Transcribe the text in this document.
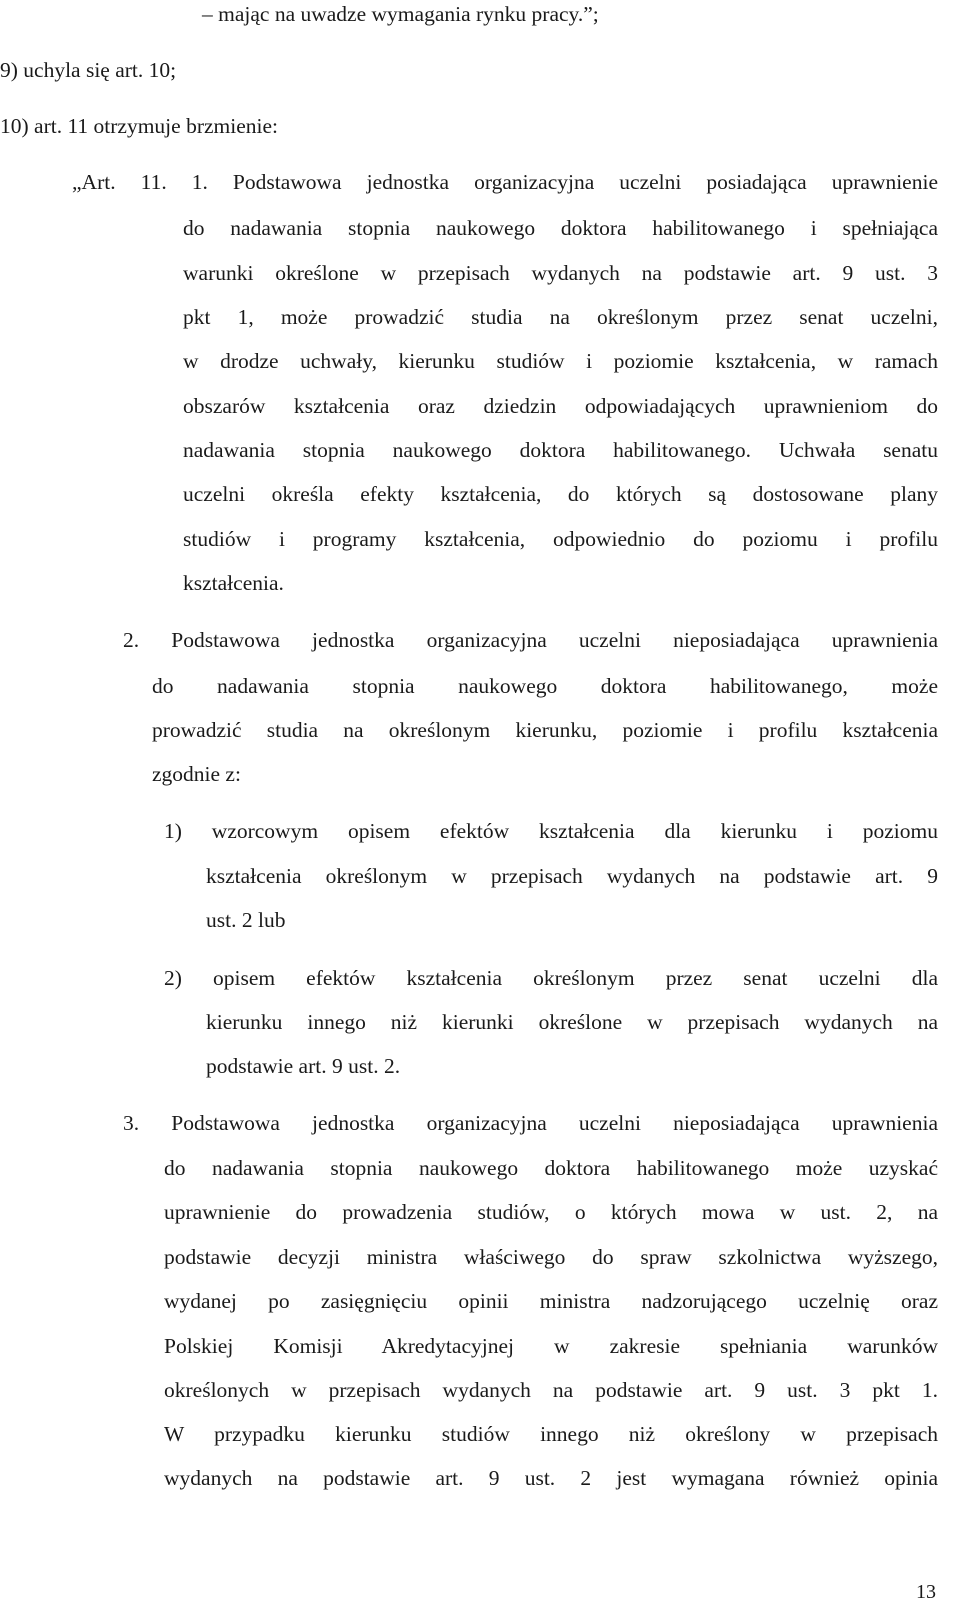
– mając na uwadze wymagania rynku pracy.”;
9) uchyla się art. 10;
10) art. 11 otrzymuje brzmienie:
„Art. 11. 1. Podstawowa jednostka organizacyjna uczelni posiadająca uprawnienie
do nadawania stopnia naukowego doktora habilitowanego i spełniająca
warunki określone w przepisach wydanych na podstawie art. 9 ust. 3
pkt 1, może prowadzić studia na określonym przez senat uczelni,
w drodze uchwały, kierunku studiów i poziomie kształcenia, w ramach
obszarów kształcenia oraz dziedzin odpowiadających uprawnieniom do
nadawania stopnia naukowego doktora habilitowanego. Uchwała senatu
uczelni określa efekty kształcenia, do których są dostosowane plany
studiów i programy kształcenia, odpowiednio do poziomu i profilu
kształcenia.
2. Podstawowa jednostka organizacyjna uczelni nieposiadająca uprawnienia
do nadawania stopnia naukowego doktora habilitowanego, może
prowadzić studia na określonym kierunku, poziomie i profilu kształcenia
zgodnie z:
1) wzorcowym opisem efektów kształcenia dla kierunku i poziomu
kształcenia określonym w przepisach wydanych na podstawie art. 9
ust. 2 lub
2) opisem efektów kształcenia określonym przez senat uczelni dla
kierunku innego niż kierunki określone w przepisach wydanych na
podstawie art. 9 ust. 2.
3. Podstawowa jednostka organizacyjna uczelni nieposiadająca uprawnienia
do nadawania stopnia naukowego doktora habilitowanego może uzyskać
uprawnienie do prowadzenia studiów, o których mowa w ust. 2, na
podstawie decyzji ministra właściwego do spraw szkolnictwa wyższego,
wydanej po zasięgnięciu opinii ministra nadzorującego uczelnię oraz
Polskiej Komisji Akredytacyjnej w zakresie spełniania warunków
określonych w przepisach wydanych na podstawie art. 9 ust. 3 pkt 1.
W przypadku kierunku studiów innego niż określony w przepisach
wydanych na podstawie art. 9 ust. 2 jest wymagana również opinia
13
